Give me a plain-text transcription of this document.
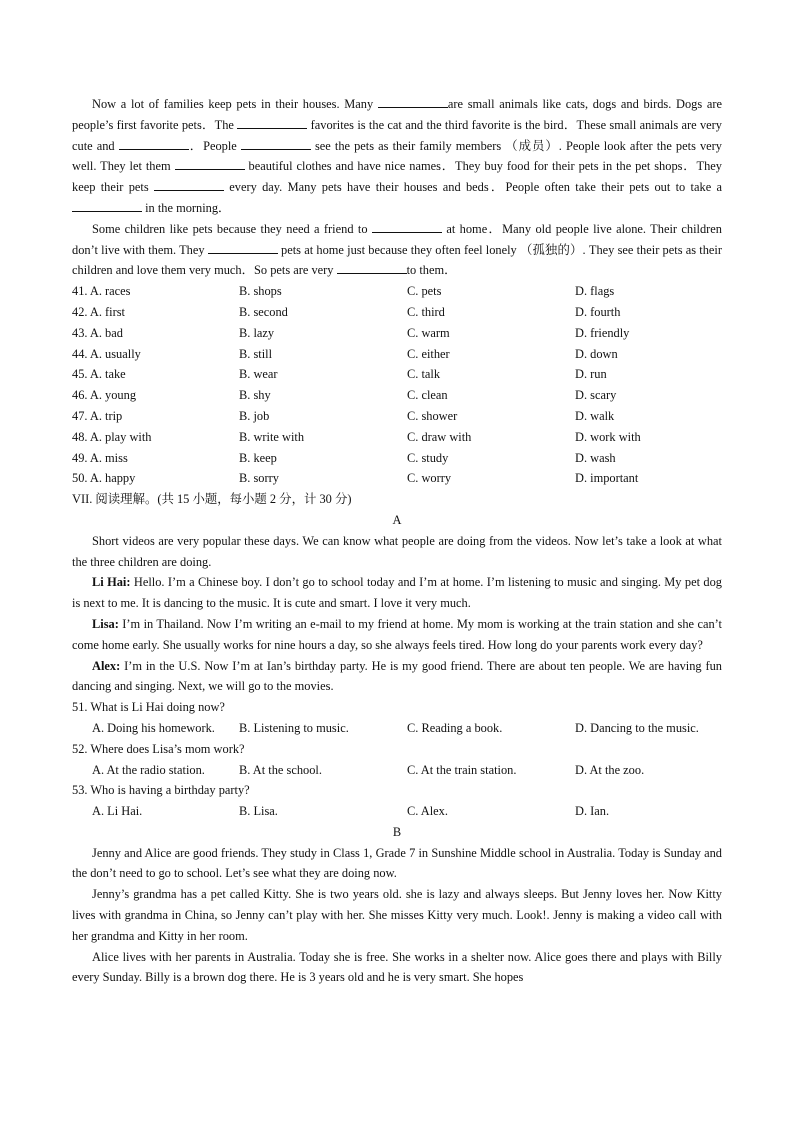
Now a lot of families keep pets in their houses. Many	are small animals like cats, dogs and birds. Dogs are people’s first favorite pets．The	favorites is the cat and the third favorite is the bird．These small animals are very cute and	．People	see the pets as their family members （成员）. People look after the pets very well. They let them	beautiful clothes and have nice names．They buy food for their pets in the pet shops．They keep their pets	every day. Many pets have their houses and beds．People often take their pets out to take a  in the morning．

Some children like pets because they need a friend to	at home．Many old people live alone. Their children don’t live with them. They	pets at home just because they often feel lonely （孤独的）. They see their pets as their children and love them very much．So pets are very	to them．

41. A. races	B. shops	C. pets	D. flags
42. A. first	B. second	C. third	D. fourth
43. A. bad	B. lazy	C. warm	D. friendly
44. A. usually	B. still	C. either	D. down
45. A. take	B. wear	C. talk	D. run
46. A. young	B. shy	C. clean	D. scary
47. A. trip	B. job	C. shower	D. walk
48. A. play with	B. write with	C. draw with	D. work with
49. A. miss	B. keep	C. study	D. wash
50. A. happy	B. sorry	C. worry	D. important

VII. 阅读理解。(共 15 小题，每小题 2 分，计 30 分)

A

Short videos are very popular these days. We can know what people are doing from the videos. Now let’s take a look at what the three children are doing.

Li Hai: Hello. I’m a Chinese boy. I don’t go to school today and I’m at home. I’m listening to music and singing. My pet dog is next to me. It is dancing to the music. It is cute and smart. I love it very much.

Lisa: I’m in Thailand. Now I’m writing an e-mail to my friend at home. My mom is working at the train station and she can’t come home early. She usually works for nine hours a day, so she always feels tired. How long do your parents work every day?

Alex: I’m in the U.S. Now I’m at Ian’s birthday party. He is my good friend. There are about ten people. We are having fun dancing and singing. Next, we will go to the movies.

51. What is Li Hai doing now?

A. Doing his homework.	B. Listening to music.	C. Reading a book.	D. Dancing to the music.

52. Where does Lisa’s mom work?

A. At the radio station.	B. At the school.	C. At the train station.	D. At the zoo.

53. Who is having a birthday party?

A. Li Hai.	B. Lisa.	C. Alex.	D. Ian.

B

Jenny and Alice are good friends. They study in Class 1, Grade 7 in Sunshine Middle school in Australia. Today is Sunday and the don’t need to go to school. Let’s see what they are doing now.

Jenny’s grandma has a pet called Kitty. She is two years old. she is lazy and always sleeps. But Jenny loves her. Now Kitty lives with grandma in China, so Jenny can’t play with her. She misses Kitty very much. Look!. Jenny is making a video call with her grandma and Kitty in her room.

Alice lives with her parents in Australia. Today she is free. She works in a shelter now. Alice goes there and plays with Billy every Sunday. Billy is a brown dog there. He is 3 years old and he is very smart. She hopes
